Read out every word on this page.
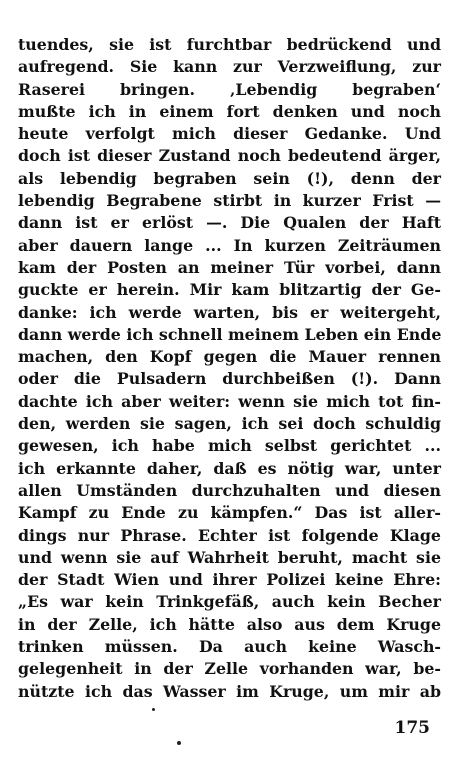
tuendes, sie ist furchtbar bedrückend und
aufregend. Sie kann zur Verzweiflung, zur
Raserei bringen. ‚Lebendig begraben‘
mußte ich in einem fort denken und noch
heute verfolgt mich dieser Gedanke. Und
doch ist dieser Zustand noch bedeutend ärger,
als lebendig begraben sein (!), denn der
lebendig Begrabene stirbt in kurzer Frist —
dann ist er erlöst —. Die Qualen der Haft
aber dauern lange ... In kurzen Zeiträumen
kam der Posten an meiner Tür vorbei, dann
guckte er herein. Mir kam blitzartig der Ge-
danke: ich werde warten, bis er weitergeht,
dann werde ich schnell meinem Leben ein Ende
machen, den Kopf gegen die Mauer rennen
oder die Pulsadern durchbeißen (!). Dann
dachte ich aber weiter: wenn sie mich tot fin-
den, werden sie sagen, ich sei doch schuldig
gewesen, ich habe mich selbst gerichtet ...
ich erkannte daher, daß es nötig war, unter
allen Umständen durchzuhalten und diesen
Kampf zu Ende zu kämpfen.“ Das ist aller-
dings nur Phrase. Echter ist folgende Klage
und wenn sie auf Wahrheit beruht, macht sie
der Stadt Wien und ihrer Polizei keine Ehre:
„Es war kein Trinkgefäß, auch kein Becher
in der Zelle, ich hätte also aus dem Kruge
trinken müssen. Da auch keine Wasch-
gelegenheit in der Zelle vorhanden war, be-
nützte ich das Wasser im Kruge, um mir ab
175
